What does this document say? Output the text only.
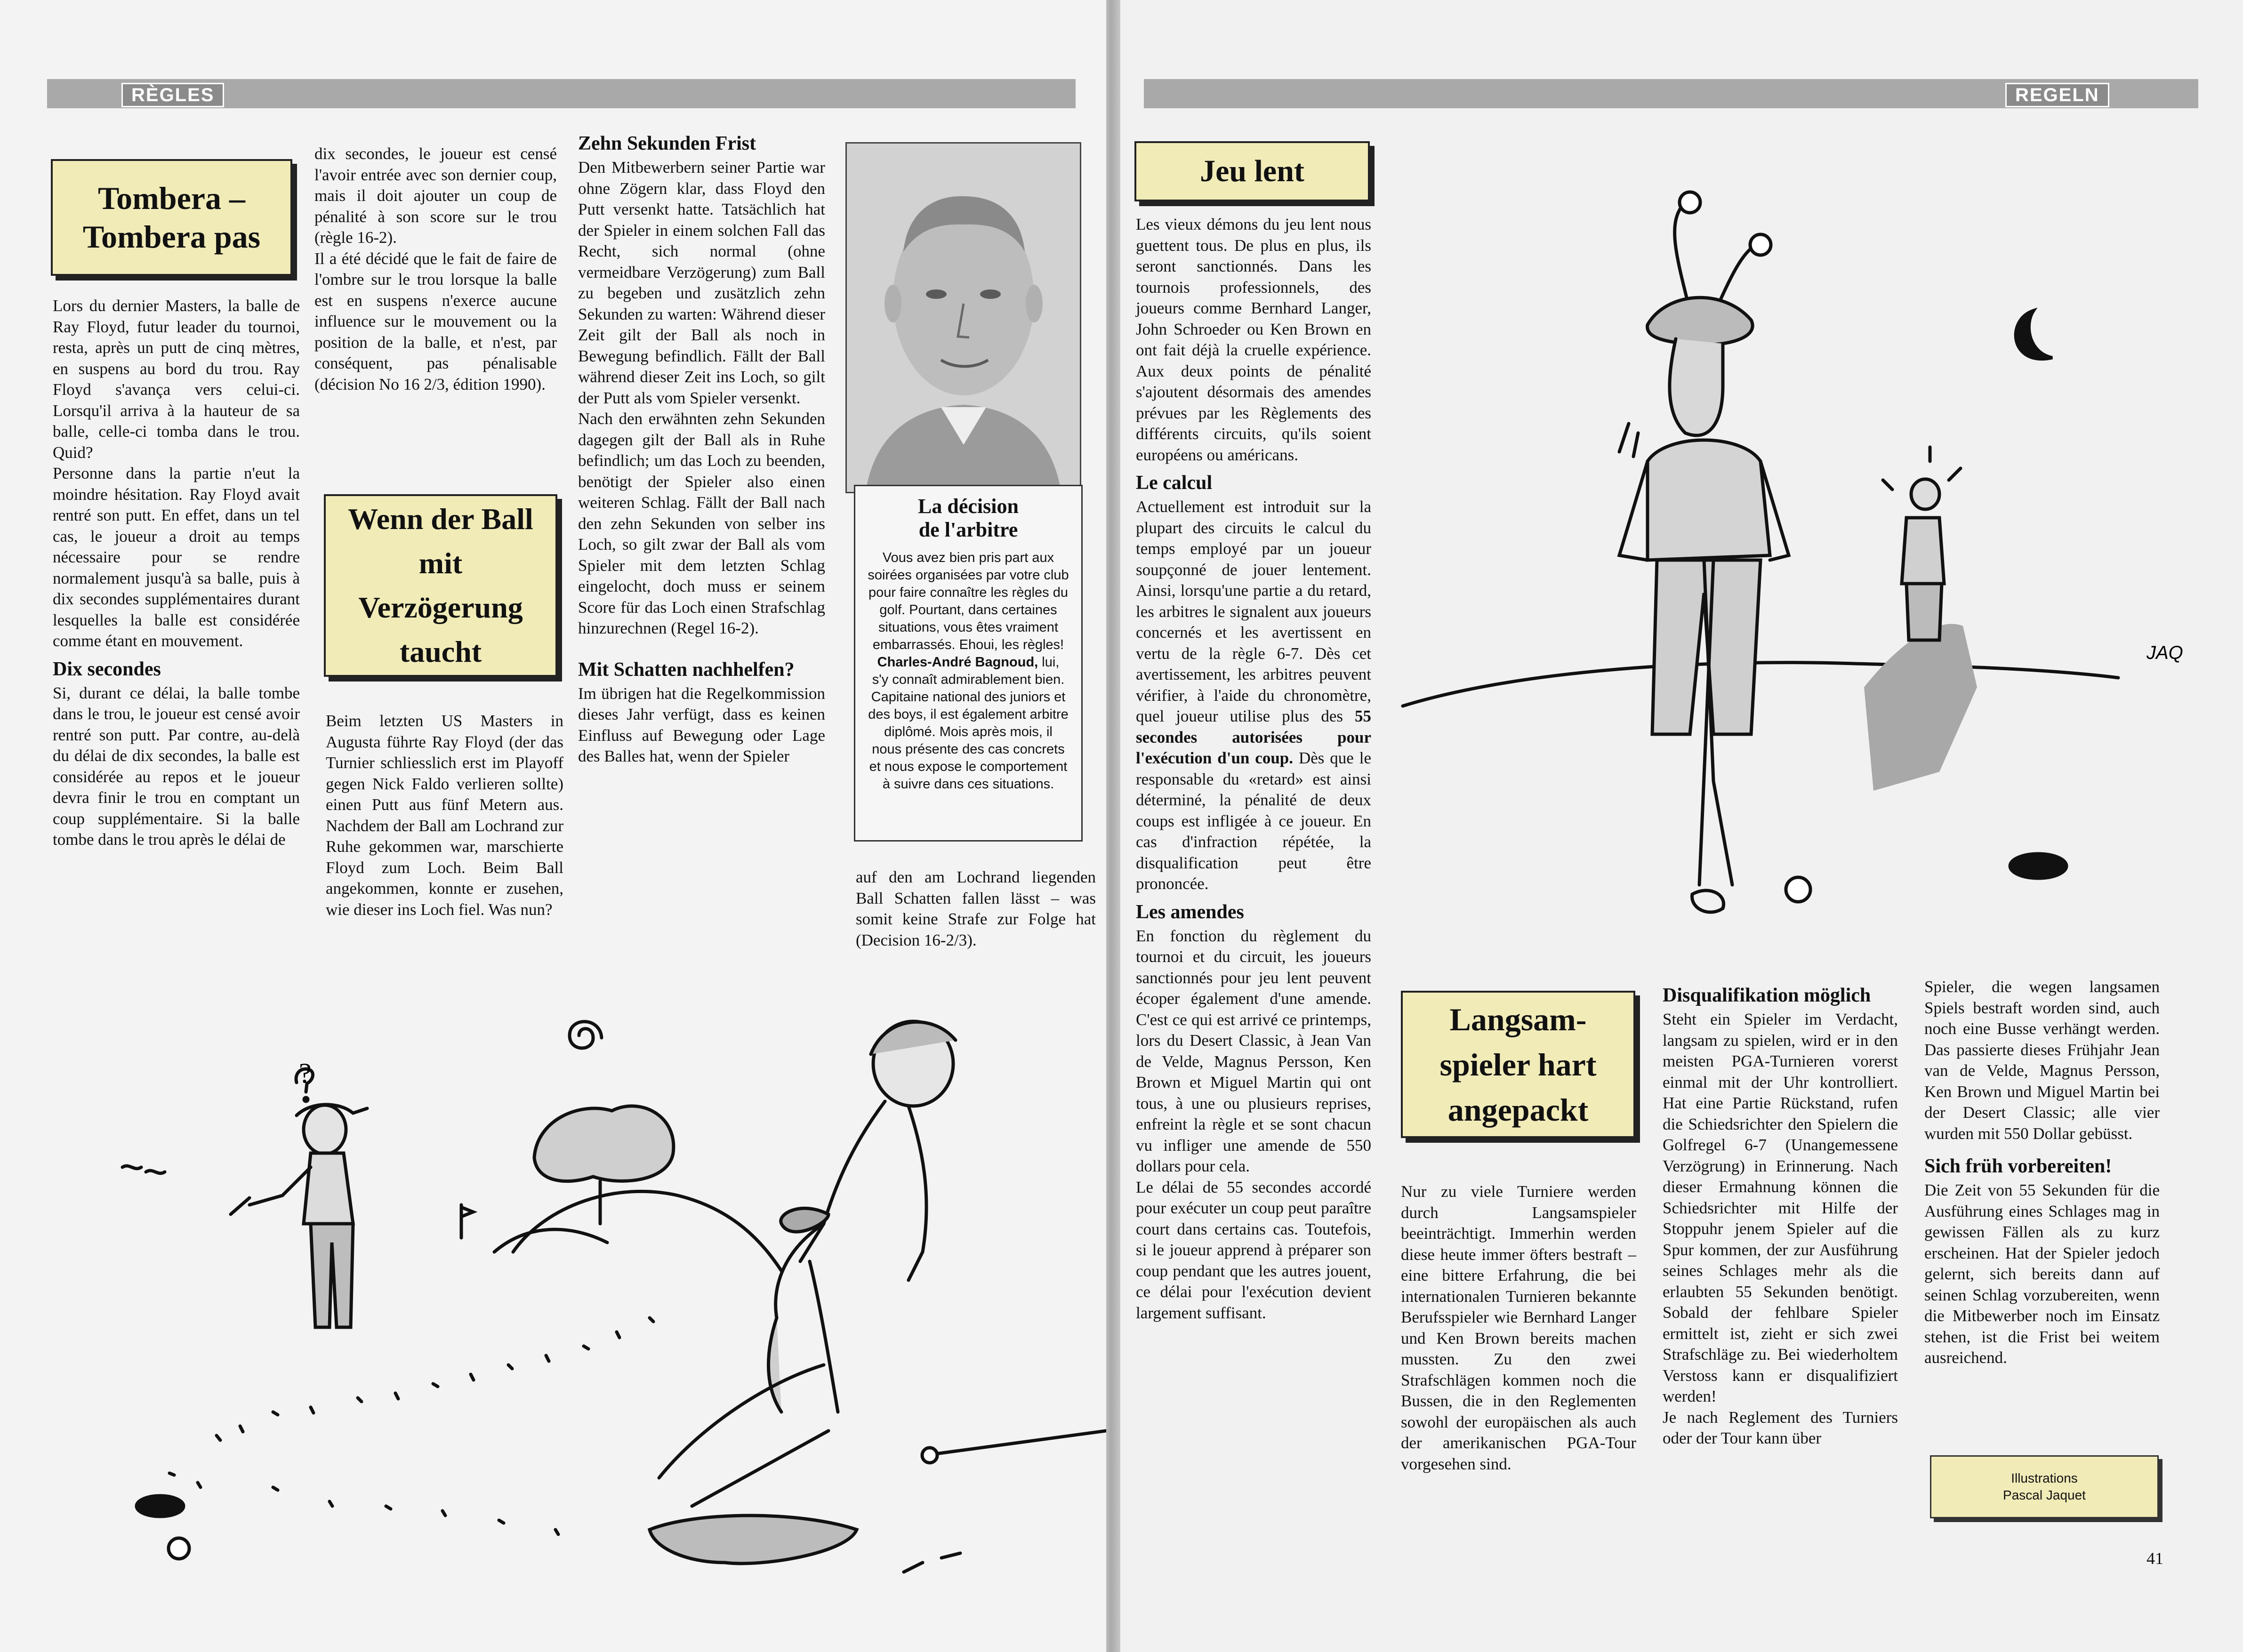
RÈGLES
Tombera –
Tombera pas

Lors du dernier Masters, la balle de Ray Floyd, futur leader du tournoi, resta, après un putt de cinq mètres, en suspens au bord du trou. Ray Floyd s'avança vers celui-ci. Lorsqu'il arriva à la hauteur de sa balle, celle-ci tomba dans le trou. Quid?

Personne dans la partie n'eut la moindre hésitation. Ray Floyd avait rentré son putt. En effet, dans un tel cas, le joueur a droit au temps nécessaire pour se rendre normalement jusqu'à sa balle, puis à dix secondes supplémentaires durant lesquelles la balle est considérée comme étant en mouvement.

Dix secondes

Si, durant ce délai, la balle tombe dans le trou, le joueur est censé avoir rentré son putt. Par contre, au-delà du délai de dix secondes, la balle est considérée au repos et le joueur devra finir le trou en comptant un coup supplémentaire. Si la balle tombe dans le trou après le délai de

dix secondes, le joueur est censé l'avoir entrée avec son dernier coup, mais il doit ajouter un coup de pénalité à son score sur le trou (règle 16-2).

Il a été décidé que le fait de faire de l'ombre sur le trou lorsque la balle est en suspens n'exerce aucune influence sur le mouvement ou la position de la balle, et n'est, par conséquent, pas pénalisable (décision No 16 2/3, édition 1990).

Wenn der Ball
mit
Verzögerung
taucht

Beim letzten US Masters in Augusta führte Ray Floyd (der das Turnier schliesslich erst im Playoff gegen Nick Faldo verlieren sollte) einen Putt aus fünf Metern aus. Nachdem der Ball am Lochrand zur Ruhe gekommen war, marschierte Floyd zum Loch. Beim Ball angekommen, konnte er zusehen, wie dieser ins Loch fiel. Was nun?

Zehn Sekunden Frist

Den Mitbewerbern seiner Partie war ohne Zögern klar, dass Floyd den Putt versenkt hatte. Tatsächlich hat der Spieler in einem solchen Fall das Recht, sich normal (ohne vermeidbare Verzögerung) zum Ball zu begeben und zusätzlich zehn Sekunden zu warten: Während dieser Zeit gilt der Ball als noch in Bewegung befindlich. Fällt der Ball während dieser Zeit ins Loch, so gilt der Putt als vom Spieler versenkt.

Nach den erwähnten zehn Sekunden dagegen gilt der Ball als in Ruhe befindlich; um das Loch zu beenden, benötigt der Spieler also einen weiteren Schlag. Fällt der Ball nach den zehn Sekunden von selber ins Loch, so gilt zwar der Ball als vom Spieler mit dem letzten Schlag eingelocht, doch muss er seinem Score für das Loch einen Strafschlag hinzurechnen (Regel 16-2).

Mit Schatten nachhelfen?

Im übrigen hat die Regelkommission dieses Jahr verfügt, dass es keinen Einfluss auf Bewegung oder Lage des Balles hat, wenn der Spieler

La décision
de l'arbitre
Vous avez bien pris part aux soirées organisées par votre club pour faire connaître les règles du golf. Pourtant, dans certaines situations, vous êtes vraiment embarrassés. Ehoui, les règles! Charles-André Bagnoud, lui, s'y connaît admirablement bien. Capitaine national des juniors et des boys, il est également arbitre diplômé. Mois après mois, il nous présente des cas concrets et nous expose le comportement à suivre dans ces situations.

auf den am Lochrand liegenden Ball Schatten fallen lässt – was somit keine Strafe zur Folge hat (Decision 16-2/3).

?
REGELN
Jeu lent

Les vieux démons du jeu lent nous guettent tous. De plus en plus, ils seront sanctionnés. Dans les tournois professionnels, des joueurs comme Bernhard Langer, John Schroeder ou Ken Brown en ont fait déjà la cruelle expérience. Aux deux points de pénalité s'ajoutent désormais des amendes prévues par les Règlements des différents circuits, qu'ils soient européens ou américans.

Le calcul

Actuellement est introduit sur la plupart des circuits le calcul du temps employé par un joueur soupçonné de jouer lentement. Ainsi, lorsqu'une partie a du retard, les arbitres le signalent aux joueurs concernés et les avertissent en vertu de la règle 6-7. Dès cet avertissement, les arbitres peuvent vérifier, à l'aide du chronomètre, quel joueur utilise plus des 55 secondes autorisées pour l'exécution d'un coup. Dès que le responsable du «retard» est ainsi déterminé, la pénalité de deux coups est infligée à ce joueur. En cas d'infraction répétée, la disqualification peut être prononcée.

Les amendes

En fonction du règlement du tournoi et du circuit, les joueurs sanctionnés pour jeu lent peuvent écoper également d'une amende. C'est ce qui est arrivé ce printemps, lors du Desert Classic, à Jean Van de Velde, Magnus Persson, Ken Brown et Miguel Martin qui ont tous, à une ou plusieurs reprises, enfreint la règle et se sont chacun vu infliger une amende de 550 dollars pour cela.

Le délai de 55 secondes accordé pour exécuter un coup peut paraître court dans certains cas. Toutefois, si le joueur apprend à préparer son coup pendant que les autres jouent, ce délai pour l'exécution devient largement suffisant.

JAQ
Langsam-
spieler hart
angepackt

Nur zu viele Turniere werden durch Langsamspieler beeinträchtigt. Immerhin werden diese heute immer öfters bestraft – eine bittere Erfahrung, die bei internationalen Turnieren bekannte Berufsspieler wie Bernhard Langer und Ken Brown bereits machen mussten. Zu den zwei Strafschlägen kommen noch die Bussen, die in den Reglementen sowohl der europäischen als auch der amerikanischen PGA-Tour vorgesehen sind.

Disqualifikation möglich

Steht ein Spieler im Verdacht, langsam zu spielen, wird er in den meisten PGA-Turnieren vorerst einmal mit der Uhr kontrolliert. Hat eine Partie Rückstand, rufen die Schiedsrichter den Spielern die Golfregel 6-7 (Unangemessene Verzögrung) in Erinnerung. Nach dieser Ermahnung können die Schiedsrichter mit Hilfe der Stoppuhr jenem Spieler auf die Spur kommen, der zur Ausführung seines Schlages mehr als die erlaubten 55 Sekunden benötigt. Sobald der fehlbare Spieler ermittelt ist, zieht er sich zwei Strafschläge zu. Bei wiederholtem Verstoss kann er disqualifiziert werden!

Je nach Reglement des Turniers oder der Tour kann über

Spieler, die wegen langsamen Spiels bestraft worden sind, auch noch eine Busse verhängt werden. Das passierte dieses Frühjahr Jean van de Velde, Magnus Persson, Ken Brown und Miguel Martin bei der Desert Classic; alle vier wurden mit 550 Dollar gebüsst.

Sich früh vorbereiten!

Die Zeit von 55 Sekunden für die Ausführung eines Schlages mag in gewissen Fällen als zu kurz erscheinen. Hat der Spieler jedoch gelernt, sich bereits dann auf seinen Schlag vorzubereiten, wenn die Mitbewerber noch im Einsatz stehen, ist die Frist bei weitem ausreichend.

Illustrations
Pascal Jaquet
41
